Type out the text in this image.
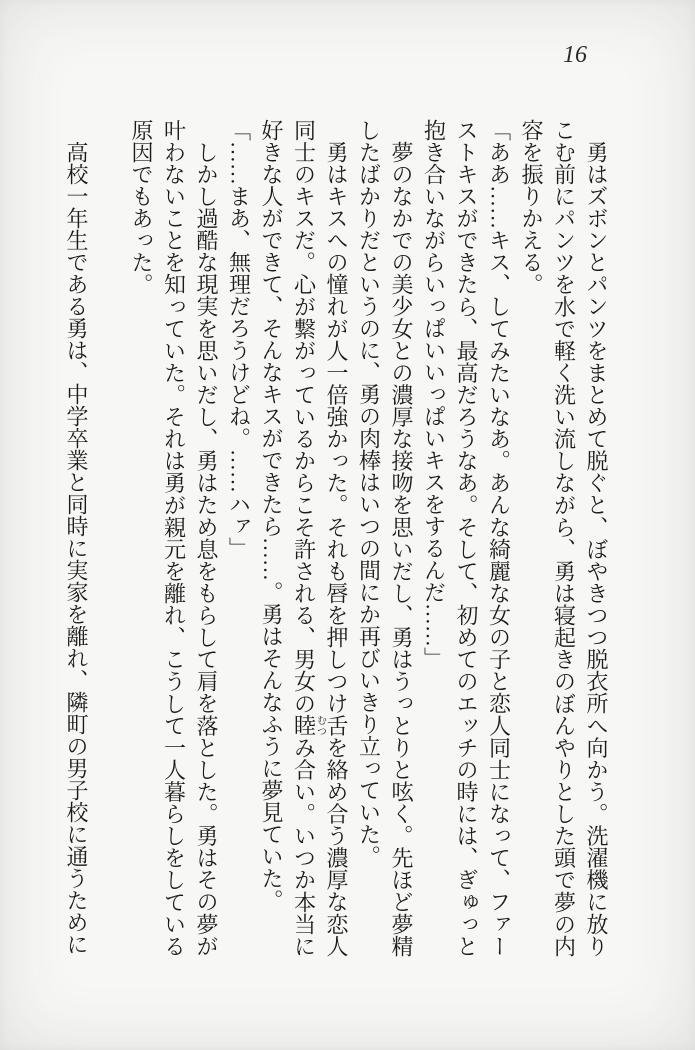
16

勇はズボンとパンツをまとめて脱ぐと、ぼやきつつ脱衣所へ向かう。洗濯機に放りこむ前にパンツを水で軽く洗い流しながら、勇は寝起きのぼんやりとした頭で夢の内容を振りかえる。

「ああ……キス、してみたいなあ。あんな綺麗な女の子と恋人同士になって、ファーストキスができたら、最高だろうなあ。そして、初めてのエッチの時には、ぎゅっと抱き合いながらいっぱいいっぱいキスをするんだ……」

夢のなかでの美少女との濃厚な接吻を思いだし、勇はうっとりと呟く。先ほど夢精したばかりだというのに、勇の肉棒はいつの間にか再びいきり立っていた。

勇はキスへの憧れが人一倍強かった。それも唇を押しつけ舌を絡め合う濃厚な恋人同士のキスだ。心が繋がっているからこそ許される、男女の睦むつみ合い。いつか本当に好きな人ができて、そんなキスができたら……。勇はそんなふうに夢見ていた。

「……まあ、無理だろうけどね。……ハァ」

しかし過酷な現実を思いだし、勇はため息をもらして肩を落とした。勇はその夢が叶わないことを知っていた。それは勇が親元を離れ、こうして一人暮らしをしている原因でもあった。

高校一年生である勇は、中学卒業と同時に実家を離れ、隣町の男子校に通うために
